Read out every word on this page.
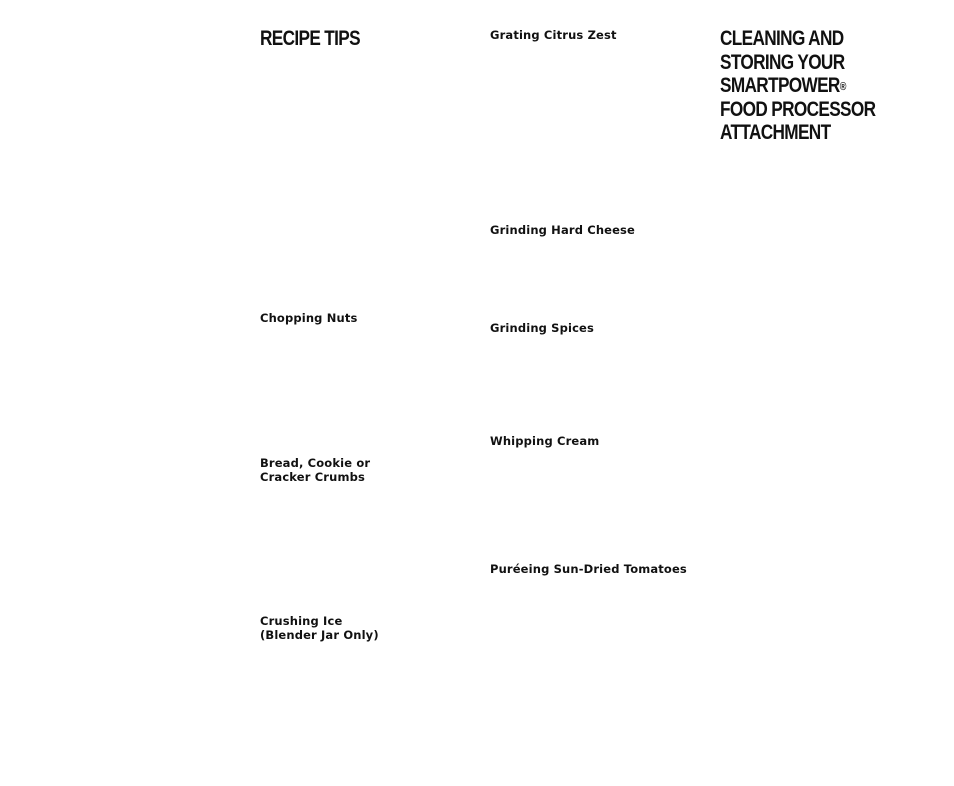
RECIPE TIPS
Chopping Nuts
Bread, Cookie or
Cracker Crumbs
Crushing Ice
(Blender Jar Only)
Grating Citrus Zest
Grinding Hard Cheese
Grinding Spices
Whipping Cream
Puréeing Sun-Dried Tomatoes
CLEANING AND
STORING YOUR
SMARTPOWER®
FOOD PROCESSOR
ATTACHMENT
